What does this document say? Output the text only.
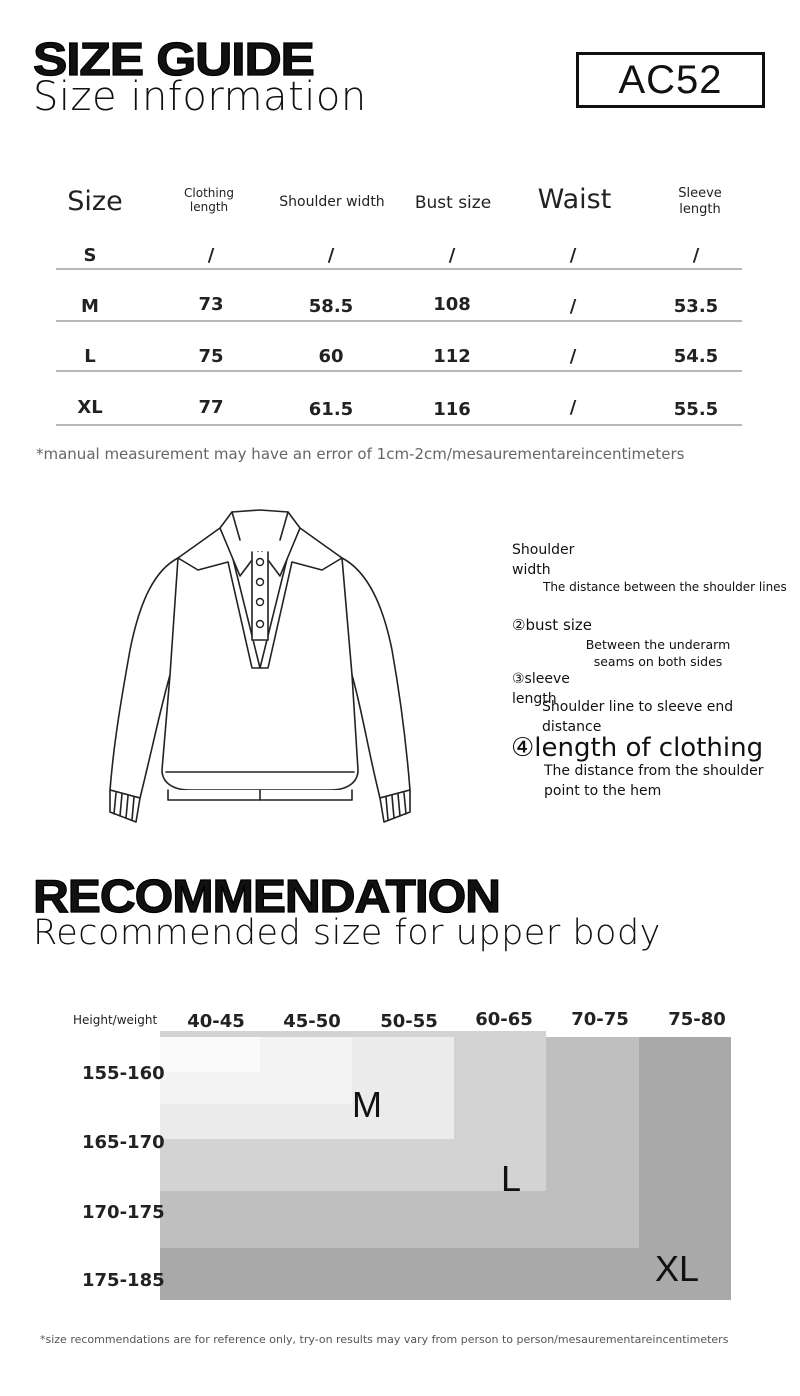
SIZE GUIDE
Size information	AC52
Size	Clothing length	Shoulder width	Bust size	Waist	Sleeve length
S	/	/	/	/	/
M	73	58.5	108	/	53.5
L	75	60	112	/	54.5
XL	77	61.5	116	/	55.5
*manual measurement may have an error of 1cm-2cm/mesaurementareincentimeters
Shoulder width
The distance between the shoulder lines
②bust size
Between the underarm seams on both sides
③sleeve length
Shoulder line to sleeve end distance
④length of clothing
The distance from the shoulder point to the hem
RECOMMENDATION
Recommended size for upper body
Height/weight	40-45	45-50	50-55	60-65	70-75	75-80
155-160
165-170
170-175
175-185
M
L
XL
*size recommendations are for reference only, try-on results may vary from person to person/mesaurementareincentimeters
